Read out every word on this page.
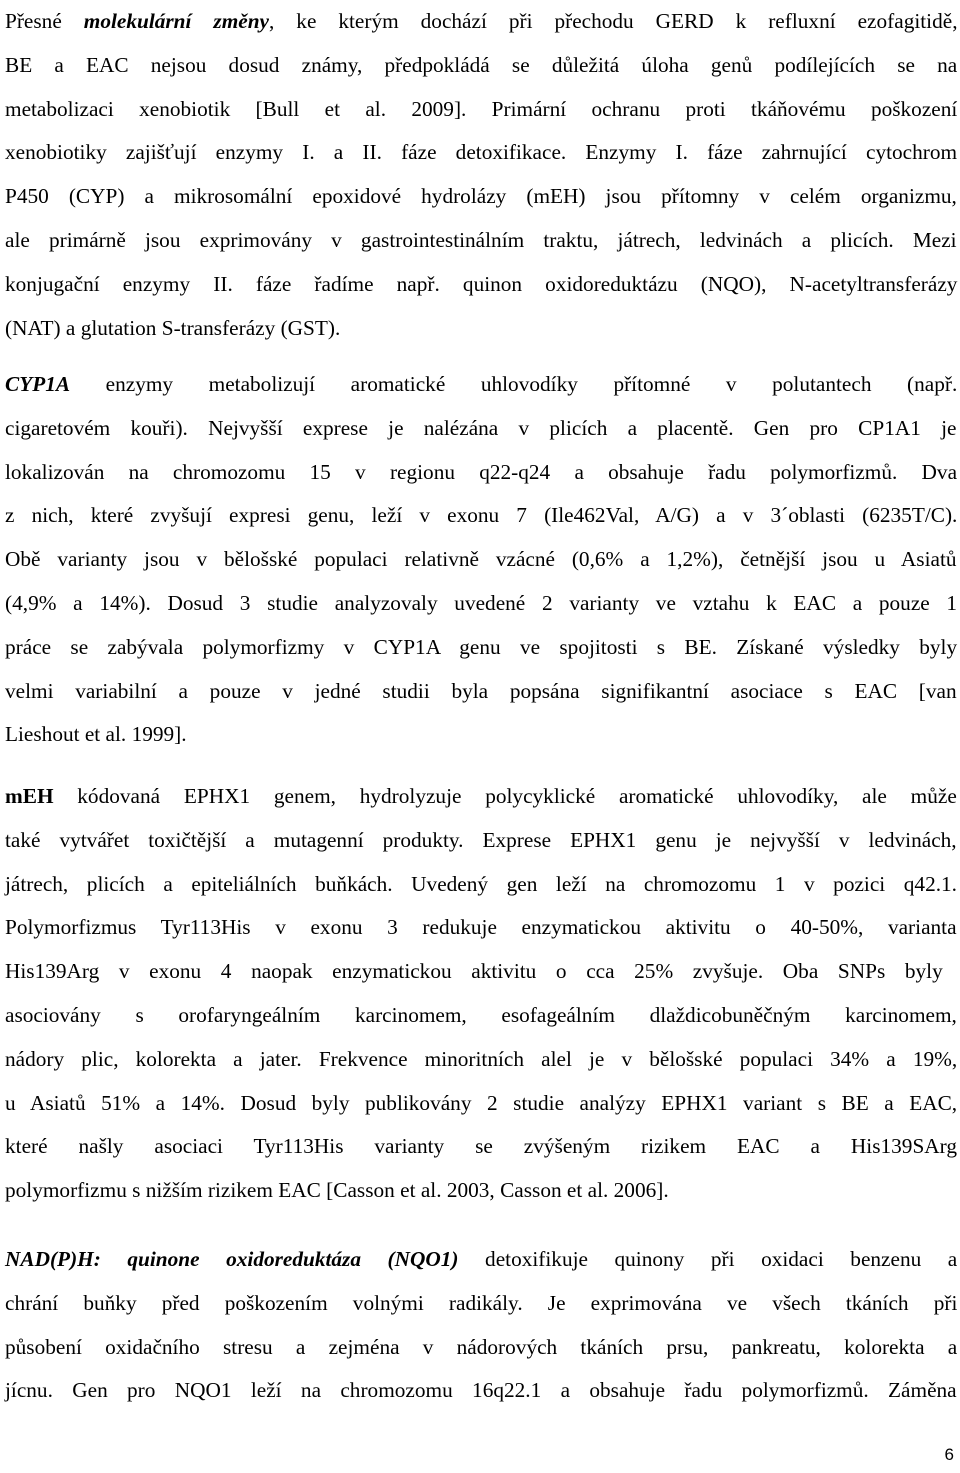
Přesné molekulární změny, ke kterým dochází při přechodu GERD k refluxní ezofagitidě,
BE a EAC nejsou dosud známy, předpokládá se důležitá úloha genů podílejících se na
metabolizaci xenobiotik [Bull et al. 2009]. Primární ochranu proti tkáňovému poškození
xenobiotiky zajišťují enzymy I. a II. fáze detoxifikace. Enzymy I. fáze zahrnující cytochrom
P450 (CYP) a mikrosomální epoxidové hydrolázy (mEH) jsou přítomny v celém organizmu,
ale primárně jsou exprimovány v gastrointestinálním traktu, játrech, ledvinách a plicích. Mezi
konjugační enzymy II. fáze řadíme např. quinon oxidoreduktázu (NQO), N-acetyltransferázy
(NAT) a glutation S-transferázy (GST).
CYP1A enzymy metabolizují aromatické uhlovodíky přítomné v polutantech (např.
cigaretovém kouři). Nejvyšší exprese je nalézána v plicích a placentě. Gen pro CP1A1 je
lokalizován na chromozomu 15 v regionu q22-q24 a obsahuje řadu polymorfizmů. Dva
z nich, které zvyšují expresi genu, leží v exonu 7 (Ile462Val, A/G) a v 3´oblasti (6235T/C).
Obě varianty jsou v bělošské populaci relativně vzácné (0,6% a 1,2%), četnější jsou u Asiatů
(4,9% a 14%). Dosud 3 studie analyzovaly uvedené 2 varianty ve vztahu k EAC a pouze 1
práce se zabývala polymorfizmy v CYP1A genu ve spojitosti s BE. Získané výsledky byly
velmi variabilní a pouze v jedné studii byla popsána signifikantní asociace s EAC [van
Lieshout et al. 1999].
mEH kódovaná EPHX1 genem, hydrolyzuje polycyklické aromatické uhlovodíky, ale může
také vytvářet toxičtější a mutagenní produkty. Exprese EPHX1 genu je nejvyšší v ledvinách,
játrech, plicích a epiteliálních buňkách. Uvedený gen leží na chromozomu 1 v pozici q42.1.
Polymorfizmus Tyr113His v exonu 3 redukuje enzymatickou aktivitu o 40-50%, varianta
His139Arg v exonu 4 naopak enzymatickou aktivitu o cca 25% zvyšuje. Oba SNPs byly
asociovány s orofaryngeálním karcinomem, esofageálním dlaždicobuněčným karcinomem,
nádory plic, kolorekta a jater. Frekvence minoritních alel je v bělošské populaci 34% a 19%,
u Asiatů 51% a 14%. Dosud byly publikovány 2 studie analýzy EPHX1 variant s BE a EAC,
které našly asociaci Tyr113His varianty se zvýšeným rizikem EAC a His139SArg
polymorfizmu s nižším rizikem EAC [Casson et al. 2003, Casson et al. 2006].
NAD(P)H: quinone oxidoreduktáza (NQO1) detoxifikuje quinony při oxidaci benzenu a
chrání buňky před poškozením volnými radikály. Je exprimována ve všech tkáních při
působení oxidačního stresu a zejména v nádorových tkáních prsu, pankreatu, kolorekta a
jícnu. Gen pro NQO1 leží na chromozomu 16q22.1 a obsahuje řadu polymorfizmů. Záměna
6
